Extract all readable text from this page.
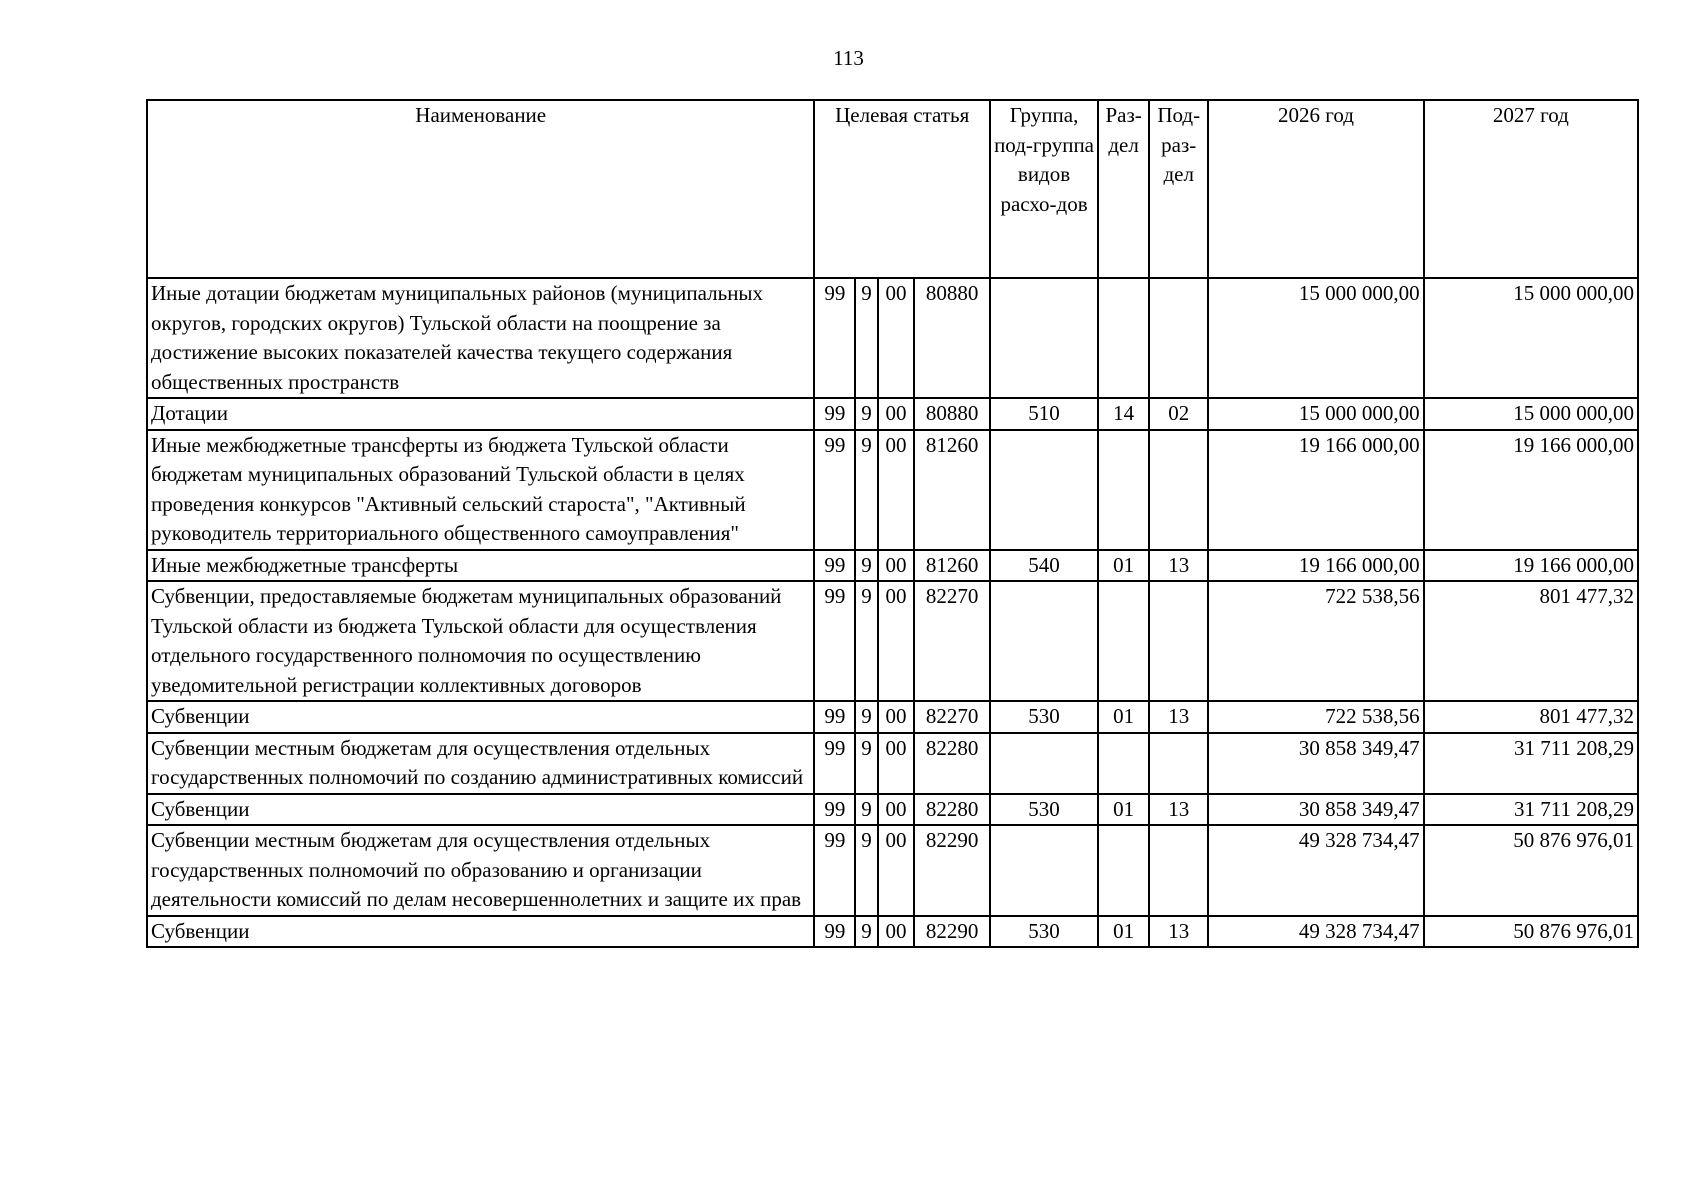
113
Наименование	Целевая статья				Группа, под-группа видов расхо-дов	Раз-дел	Под-раз-дел	2026 год	2027 год
Иные дотации бюджетам муниципальных районов (муниципальных округов, городских округов) Тульской области на поощрение за достижение высоких показателей качества текущего содержания общественных пространств	99	9	00	80880				15 000 000,00	15 000 000,00
Дотации	99	9	00	80880	510	14	02	15 000 000,00	15 000 000,00
Иные межбюджетные трансферты из бюджета Тульской области бюджетам муниципальных образований Тульской области в целях проведения конкурсов "Активный сельский староста", "Активный руководитель территориального общественного самоуправления"	99	9	00	81260				19 166 000,00	19 166 000,00
Иные межбюджетные трансферты	99	9	00	81260	540	01	13	19 166 000,00	19 166 000,00
Субвенции, предоставляемые бюджетам муниципальных образований Тульской области из бюджета Тульской области для осуществления отдельного государственного полномочия по осуществлению уведомительной регистрации коллективных договоров	99	9	00	82270				722 538,56	801 477,32
Субвенции	99	9	00	82270	530	01	13	722 538,56	801 477,32
Субвенции местным бюджетам для осуществления отдельных государственных полномочий по созданию административных комиссий	99	9	00	82280				30 858 349,47	31 711 208,29
Субвенции	99	9	00	82280	530	01	13	30 858 349,47	31 711 208,29
Субвенции местным бюджетам для осуществления отдельных государственных полномочий по образованию и организации деятельности комиссий по делам несовершеннолетних и защите их прав	99	9	00	82290				49 328 734,47	50 876 976,01
Субвенции	99	9	00	82290	530	01	13	49 328 734,47	50 876 976,01
